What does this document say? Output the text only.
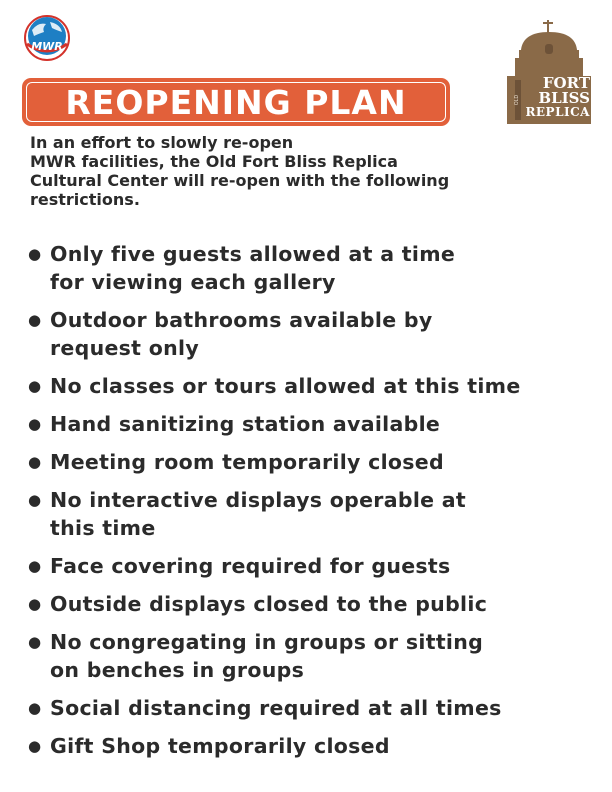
MWR
REOPENING PLAN	OLD
FORT
BLISS
REPLICA
In an effort to slowly re-open
MWR facilities, the Old Fort Bliss Replica
Cultural Center will re-open with the following
restrictions.
● Only five guests allowed at a time
for viewing each gallery
● Outdoor bathrooms available by
request only
● No classes or tours allowed at this time
● Hand sanitizing station available
● Meeting room temporarily closed
● No interactive displays operable at
this time
● Face covering required for guests
● Outside displays closed to the public
● No congregating in groups or sitting
on benches in groups
● Social distancing required at all times
● Gift Shop temporarily closed
